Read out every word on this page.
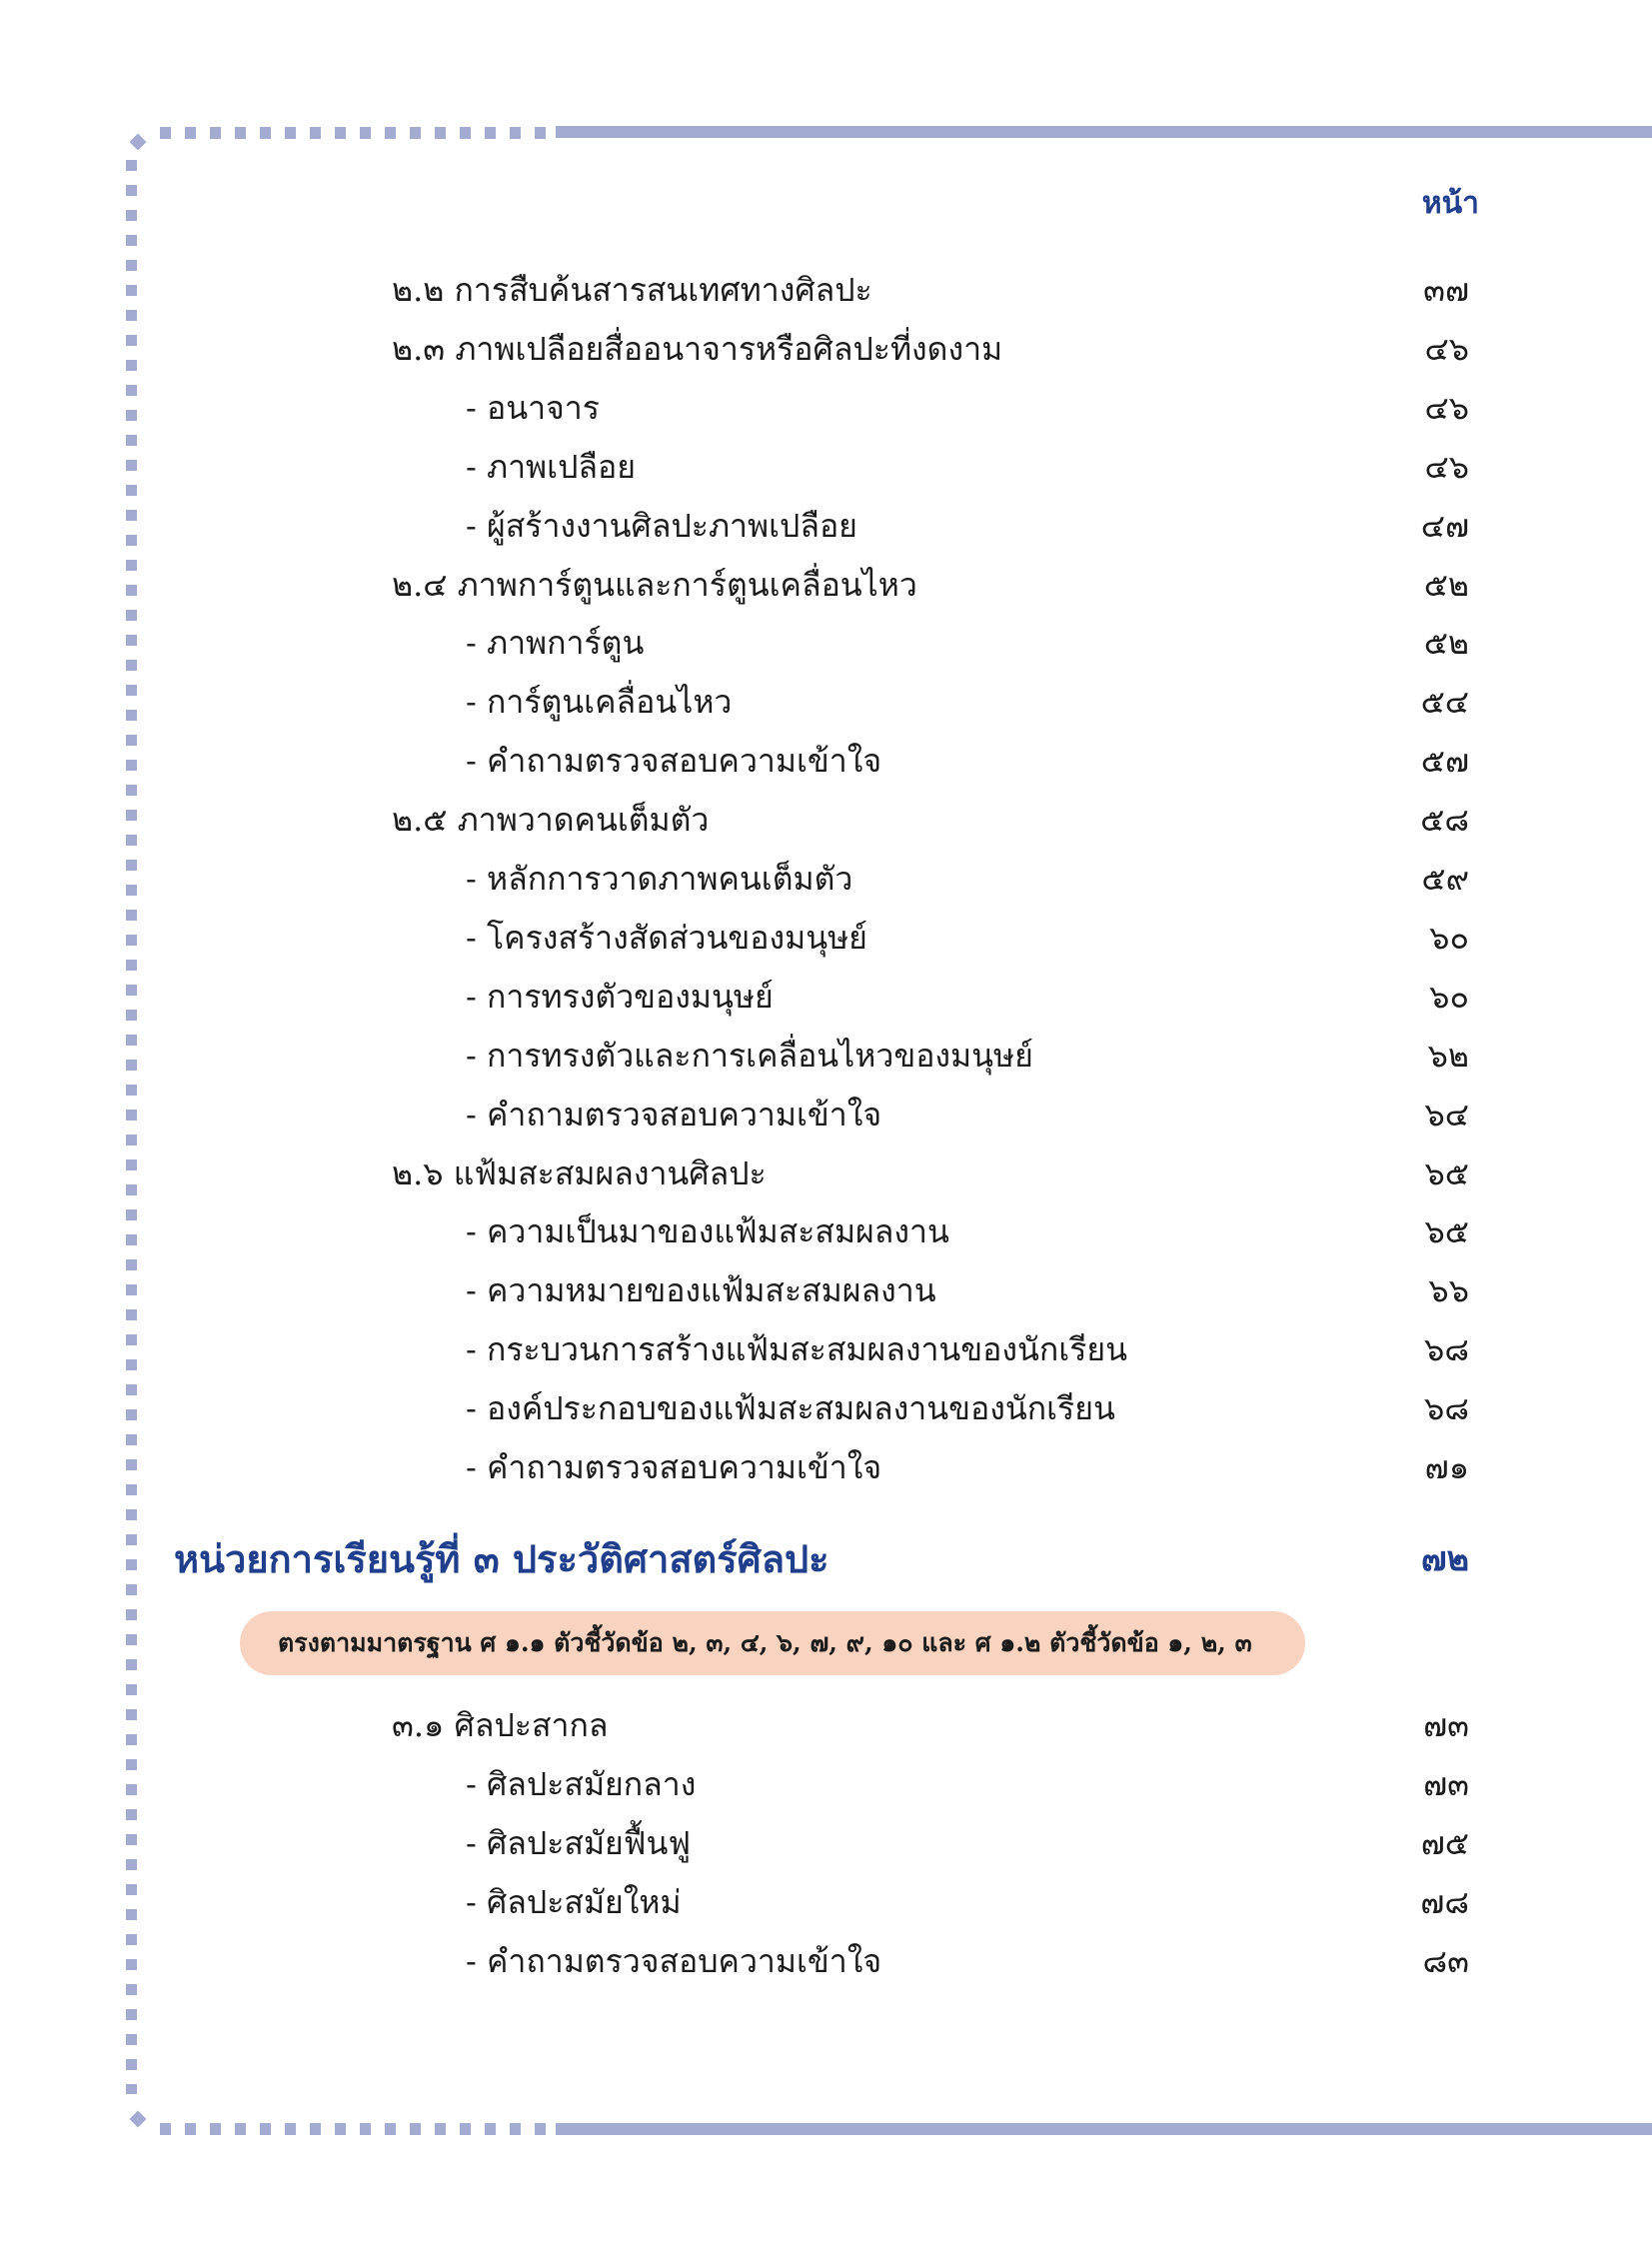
หน้า
๒.๒ การสืบค้นสารสนเทศทางศิลปะ	๓๗
๒.๓ ภาพเปลือยสื่ออนาจารหรือศิลปะที่งดงาม	๔๖
- อนาจาร	๔๖
- ภาพเปลือย	๔๖
- ผู้สร้างงานศิลปะภาพเปลือย	๔๗
๒.๔ ภาพการ์ตูนและการ์ตูนเคลื่อนไหว	๕๒
- ภาพการ์ตูน	๕๒
- การ์ตูนเคลื่อนไหว	๕๔
- คำถามตรวจสอบความเข้าใจ	๕๗
๒.๕ ภาพวาดคนเต็มตัว	๕๘
- หลักการวาดภาพคนเต็มตัว	๕๙
- โครงสร้างสัดส่วนของมนุษย์	๖๐
- การทรงตัวของมนุษย์	๖๐
- การทรงตัวและการเคลื่อนไหวของมนุษย์	๖๒
- คำถามตรวจสอบความเข้าใจ	๖๔
๒.๖ แฟ้มสะสมผลงานศิลปะ	๖๕
- ความเป็นมาของแฟ้มสะสมผลงาน	๖๕
- ความหมายของแฟ้มสะสมผลงาน	๖๖
- กระบวนการสร้างแฟ้มสะสมผลงานของนักเรียน	๖๘
- องค์ประกอบของแฟ้มสะสมผลงานของนักเรียน	๖๘
- คำถามตรวจสอบความเข้าใจ	๗๑
หน่วยการเรียนรู้ที่ ๓ ประวัติศาสตร์ศิลปะ	๗๒
ตรงตามมาตรฐาน ศ ๑.๑ ตัวชี้วัดข้อ ๒, ๓, ๔, ๖, ๗, ๙, ๑๐ และ ศ ๑.๒ ตัวชี้วัดข้อ ๑, ๒, ๓
๓.๑ ศิลปะสากล	๗๓
- ศิลปะสมัยกลาง	๗๓
- ศิลปะสมัยฟื้นฟู	๗๕
- ศิลปะสมัยใหม่	๗๘
- คำถามตรวจสอบความเข้าใจ	๘๓
